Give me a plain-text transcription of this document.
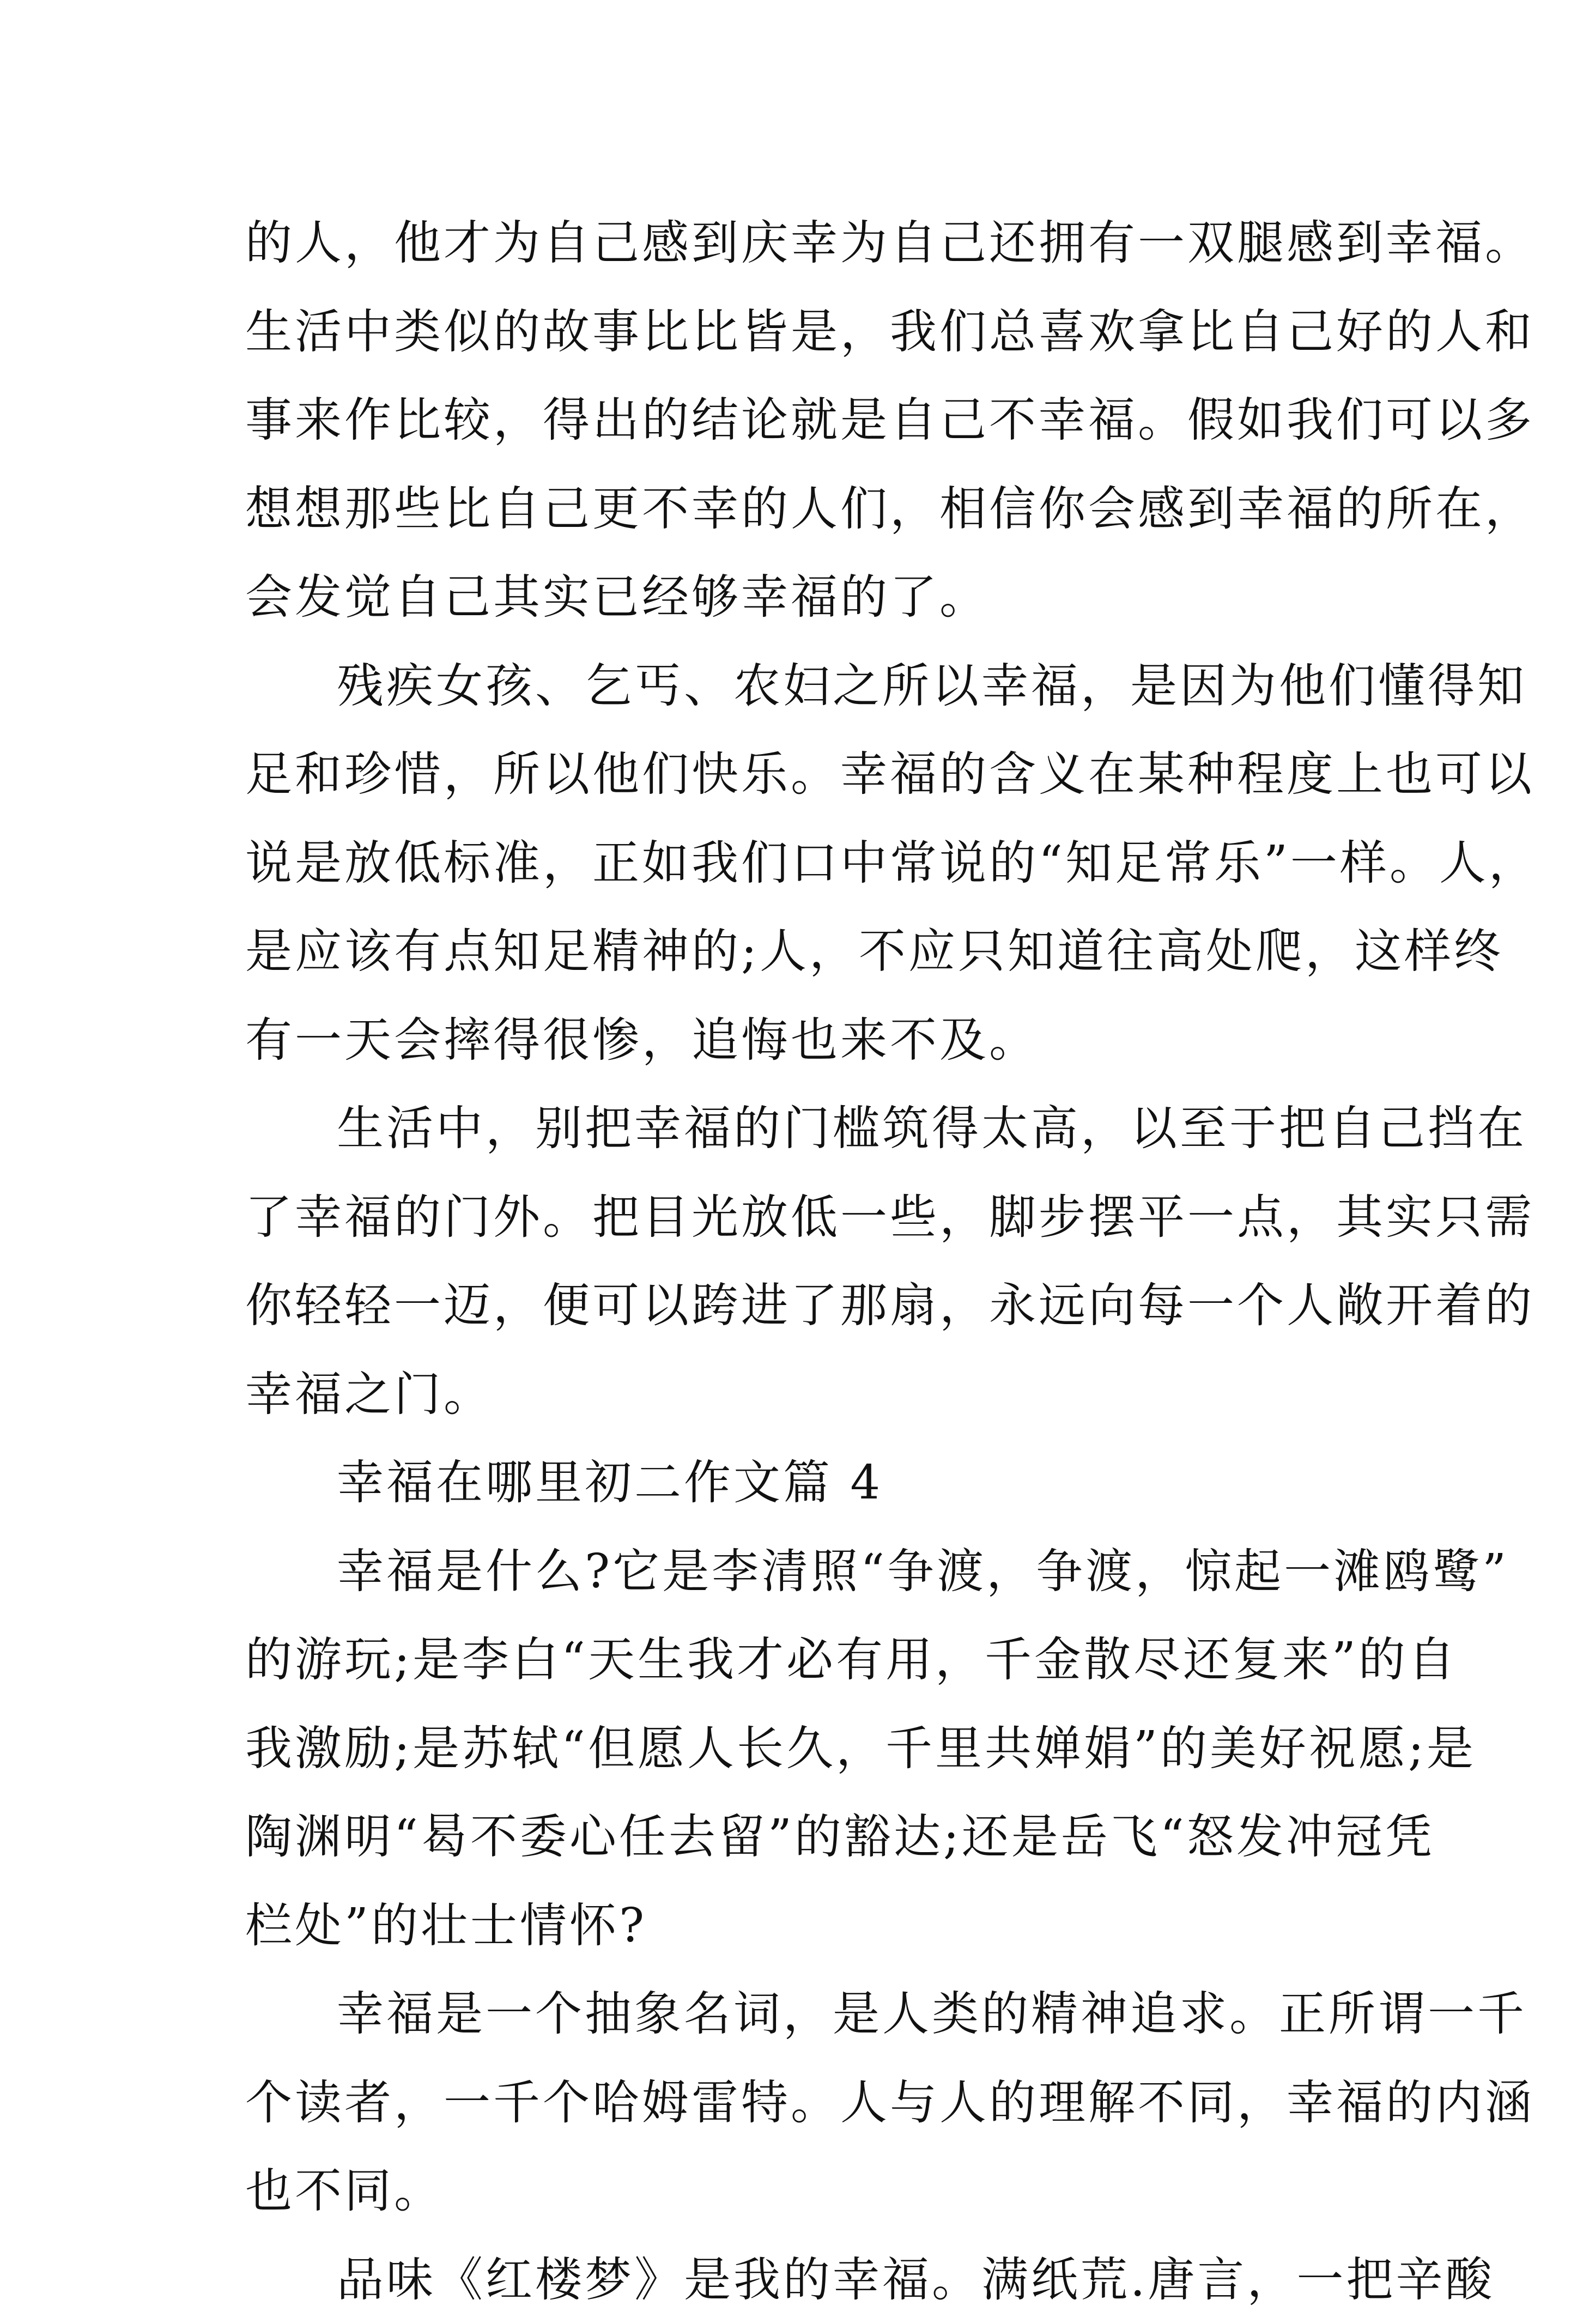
的人，他才为自己感到庆幸为自己还拥有一双腿感到幸福。
生活中类似的故事比比皆是，我们总喜欢拿比自己好的人和
事来作比较，得出的结论就是自己不幸福。假如我们可以多
想想那些比自己更不幸的人们，相信你会感到幸福的所在，
会发觉自己其实已经够幸福的了。
残疾女孩、乞丐、农妇之所以幸福，是因为他们懂得知
足和珍惜，所以他们快乐。幸福的含义在某种程度上也可以
说是放低标准，正如我们口中常说的“知足常乐”一样。人，
是应该有点知足精神的;人，不应只知道往高处爬，这样终
有一天会摔得很惨，追悔也来不及。
生活中，别把幸福的门槛筑得太高，以至于把自己挡在
了幸福的门外。把目光放低一些，脚步摆平一点，其实只需
你轻轻一迈，便可以跨进了那扇，永远向每一个人敞开着的
幸福之门。
幸福在哪里初二作文篇 4
幸福是什么?它是李清照“争渡，争渡，惊起一滩鸥鹭”
的游玩;是李白“天生我才必有用，千金散尽还复来”的自
我激励;是苏轼“但愿人长久，千里共婵娟”的美好祝愿;是
陶渊明“曷不委心任去留”的豁达;还是岳飞“怒发冲冠凭
栏处”的壮士情怀?
幸福是一个抽象名词，是人类的精神追求。正所谓一千
个读者，一千个哈姆雷特。人与人的理解不同，幸福的内涵
也不同。
品味《红楼梦》是我的幸福。满纸荒.唐言，一把辛酸
